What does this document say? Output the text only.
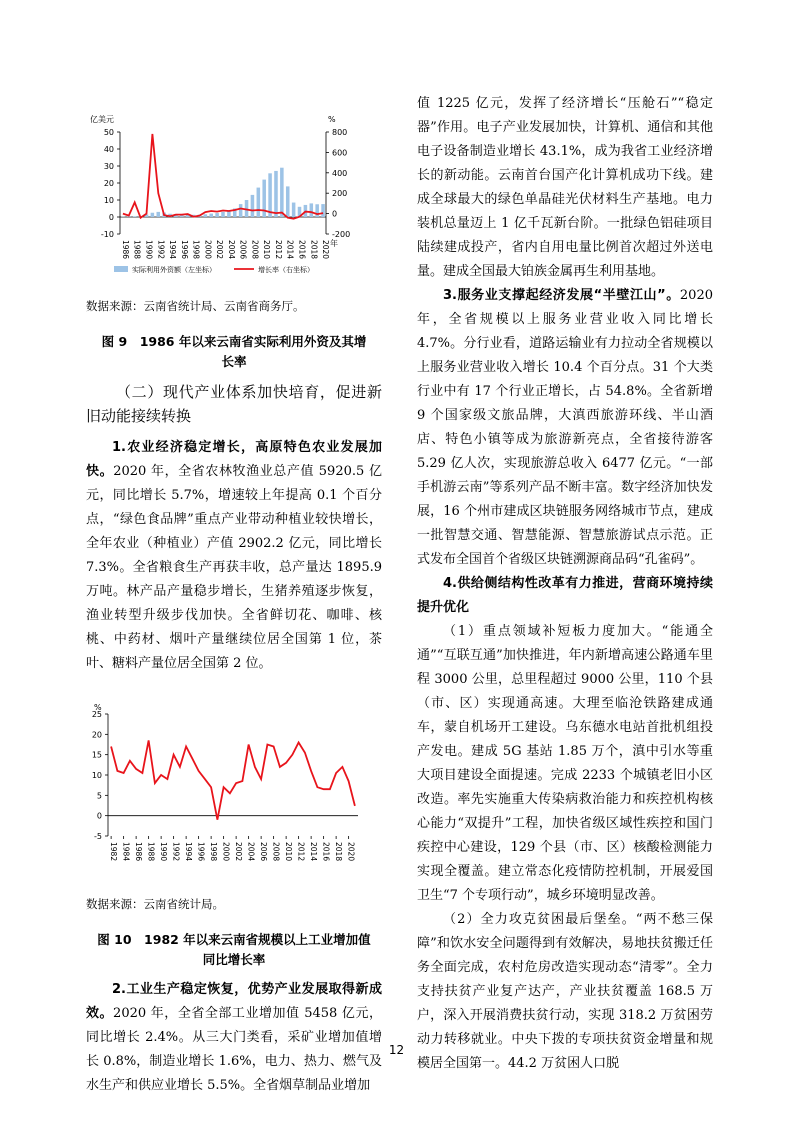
亿美元	%
50
40
30
20
10
0
-10
800
600
400
200
0
-200
1986 1988 1990 1992 1994 1996 1998 2000 2002 2004 2006 2008 2010 2012 2014 2016 2018 2020 年
实际利用外资额（左坐标）	增长率（右坐标）

数据来源：云南省统计局、云南省商务厅。

图 9　1986 年以来云南省实际利用外资及其增
长率

（二）现代产业体系加快培育，促进新旧动能接续转换

1.农业经济稳定增长，高原特色农业发展加快。2020 年，全省农林牧渔业总产值 5920.5 亿元，同比增长 5.7%，增速较上年提高 0.1 个百分点，“绿色食品牌”重点产业带动种植业较快增长，全年农业（种植业）产值 2902.2 亿元，同比增长 7.3%。全省粮食生产再获丰收，总产量达 1895.9 万吨。林产品产量稳步增长，生猪养殖逐步恢复，渔业转型升级步伐加快。全省鲜切花、咖啡、核桃、中药材、烟叶产量继续位居全国第 1 位，茶叶、糖料产量位居全国第 2 位。

%
25
20
15
10
5
0
-5
1982 1984 1986 1988 1990 1992 1994 1996 1998 2000 2002 2004 2006 2008 2010 2012 2014 2016 2018 2020

数据来源：云南省统计局。

图 10　1982 年以来云南省规模以上工业增加值
同比增长率

2.工业生产稳定恢复，优势产业发展取得新成效。2020 年，全省全部工业增加值 5458 亿元，同比增长 2.4%。从三大门类看，采矿业增加值增长 0.8%，制造业增长 1.6%，电力、热力、燃气及水生产和供应业增长 5.5%。全省烟草制品业增加

值 1225 亿元，发挥了经济增长“压舱石”“稳定器”作用。电子产业发展加快，计算机、通信和其他电子设备制造业增长 43.1%，成为我省工业经济增长的新动能。云南首台国产化计算机成功下线。建成全球最大的绿色单晶硅光伏材料生产基地。电力装机总量迈上 1 亿千瓦新台阶。一批绿色铝硅项目陆续建成投产，省内自用电量比例首次超过外送电量。建成全国最大铂族金属再生利用基地。

3.服务业支撑起经济发展“半壁江山”。2020 年，全省规模以上服务业营业收入同比增长 4.7%。分行业看，道路运输业有力拉动全省规模以上服务业营业收入增长 10.4 个百分点。31 个大类行业中有 17 个行业正增长，占 54.8%。全省新增 9 个国家级文旅品牌，大滇西旅游环线、半山酒店、特色小镇等成为旅游新亮点，全省接待游客 5.29 亿人次，实现旅游总收入 6477 亿元。“一部手机游云南”等系列产品不断丰富。数字经济加快发展，16 个州市建成区块链服务网络城市节点，建成一批智慧交通、智慧能源、智慧旅游试点示范。正式发布全国首个省级区块链溯源商品码“孔雀码”。

4.供给侧结构性改革有力推进，营商环境持续提升优化

（1）重点领域补短板力度加大。“能通全通”“互联互通”加快推进，年内新增高速公路通车里程 3000 公里，总里程超过 9000 公里，110 个县（市、区）实现通高速。大理至临沧铁路建成通车，蒙自机场开工建设。乌东德水电站首批机组投产发电。建成 5G 基站 1.85 万个，滇中引水等重大项目建设全面提速。完成 2233 个城镇老旧小区改造。率先实施重大传染病救治能力和疾控机构核心能力“双提升”工程，加快省级区域性疾控和国门疾控中心建设，129 个县（市、区）核酸检测能力实现全覆盖。建立常态化疫情防控机制，开展爱国卫生“7 个专项行动”，城乡环境明显改善。

（2）全力攻克贫困最后堡垒。“两不愁三保障”和饮水安全问题得到有效解决，易地扶贫搬迁任务全面完成，农村危房改造实现动态“清零”。全力支持扶贫产业复产达产，产业扶贫覆盖 168.5 万户，深入开展消费扶贫行动，实现 318.2 万贫困劳动力转移就业。中央下拨的专项扶贫资金增量和规模居全国第一。44.2 万贫困人口脱

12
